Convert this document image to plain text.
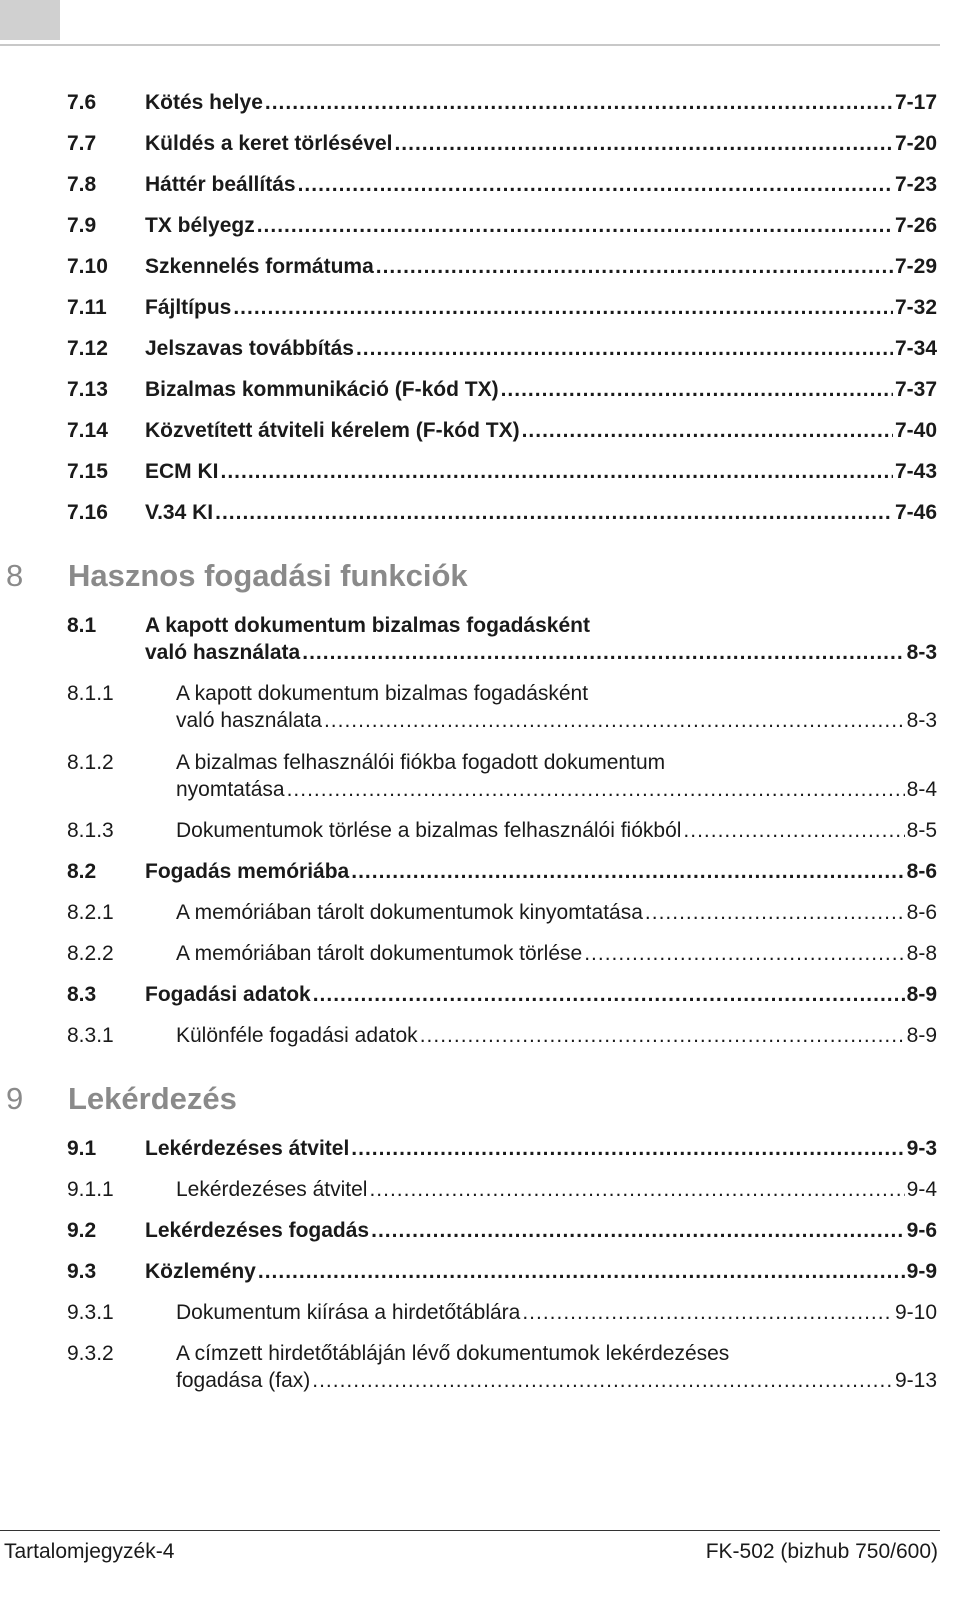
7.6 Kötés helye .....	7-17
7.7 Küldés a keret törlésével .....	7-20
7.8 Háttér beállítás .....	7-23
7.9 TX bélyegz .....	7-26
7.10 Szkennelés formátuma .....	7-29
7.11 Fájltípus .....	7-32
7.12 Jelszavas továbbítás .....	7-34
7.13 Bizalmas kommunikáció (F-kód TX) .....	7-37
7.14 Közvetített átviteli kérelem (F-kód TX) .....	7-40
7.15 ECM KI .....	7-43
7.16 V.34 KI .....	7-46
8 Hasznos fogadási funkciók
8.1 A kapott dokumentum bizalmas fogadásként
való használata .....	8-3
8.1.1	A kapott dokumentum bizalmas fogadásként
való használata .....	8-3
8.1.2	A bizalmas felhasználói fiókba fogadott dokumentum
nyomtatása .....	8-4
8.1.3	Dokumentumok törlése a bizalmas felhasználói fiókból .....	8-5
8.2 Fogadás memóriába .....	8-6
8.2.1	A memóriában tárolt dokumentumok kinyomtatása .....	8-6
8.2.2	A memóriában tárolt dokumentumok törlése .....	8-8
8.3 Fogadási adatok .....	8-9
8.3.1	Különféle fogadási adatok .....	8-9
9 Lekérdezés
9.1 Lekérdezéses átvitel .....	9-3
9.1.1	Lekérdezéses átvitel .....	9-4
9.2 Lekérdezéses fogadás .....	9-6
9.3 Közlemény .....	9-9
9.3.1	Dokumentum kiírása a hirdetőtáblára .....	9-10
9.3.2	A címzett hirdetőtábláján lévő dokumentumok lekérdezéses
fogadása (fax) .....	9-13
Tartalomjegyzék-4	FK-502 (bizhub 750/600)
